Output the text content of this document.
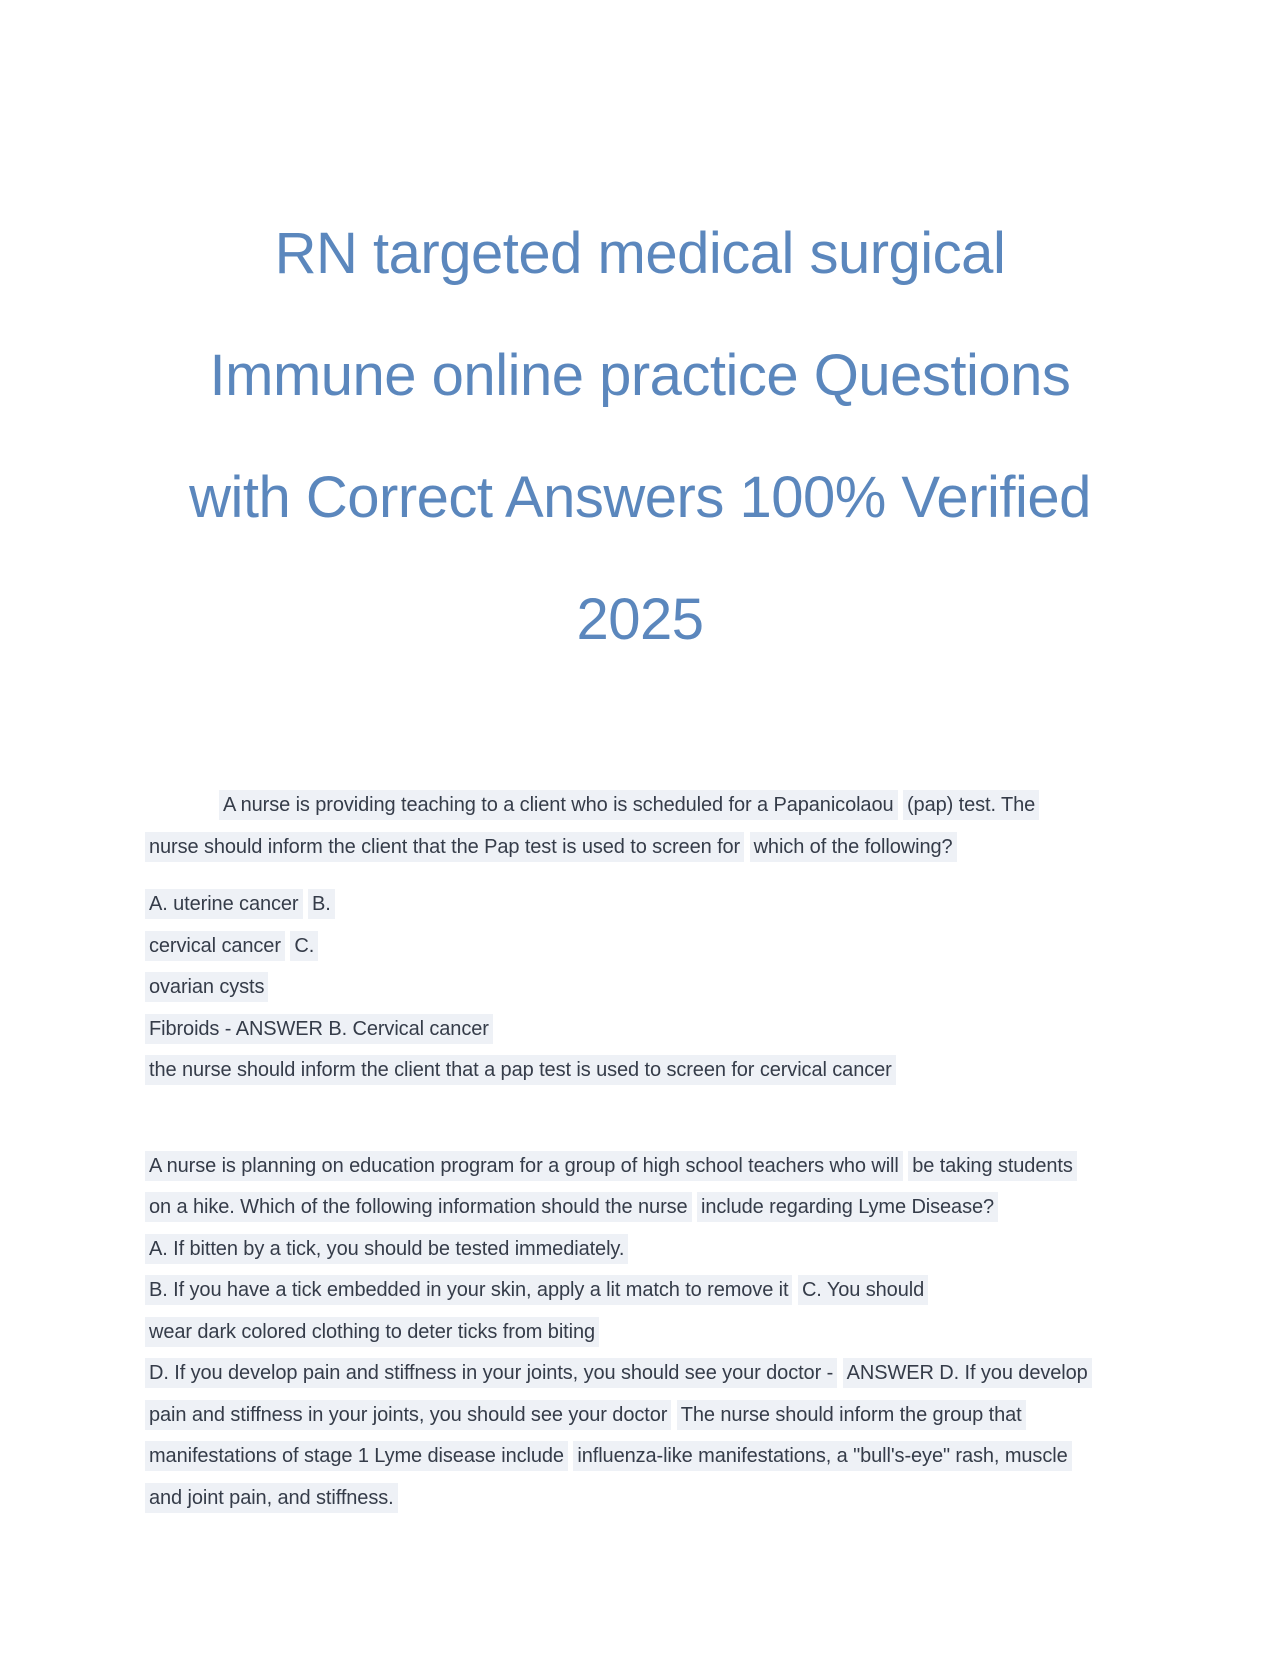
RN targeted medical surgical
Immune online practice Questions
with Correct Answers 100% Verified
2025
A nurse is providing teaching to a client who is scheduled for a Papanicolaou (pap) test. The
nurse should inform the client that the Pap test is used to screen for which of the following?
A. uterine cancer B.
cervical cancer C.
ovarian cysts
Fibroids - ANSWER B. Cervical cancer
the nurse should inform the client that a pap test is used to screen for cervical cancer
A nurse is planning on education program for a group of high school teachers who will be taking students
on a hike. Which of the following information should the nurse include regarding Lyme Disease?
A. If bitten by a tick, you should be tested immediately.
B. If you have a tick embedded in your skin, apply a lit match to remove it C. You should
wear dark colored clothing to deter ticks from biting
D. If you develop pain and stiffness in your joints, you should see your doctor - ANSWER D. If you develop
pain and stiffness in your joints, you should see your doctor The nurse should inform the group that
manifestations of stage 1 Lyme disease include influenza-like manifestations, a "bull's-eye" rash, muscle
and joint pain, and stiffness.
